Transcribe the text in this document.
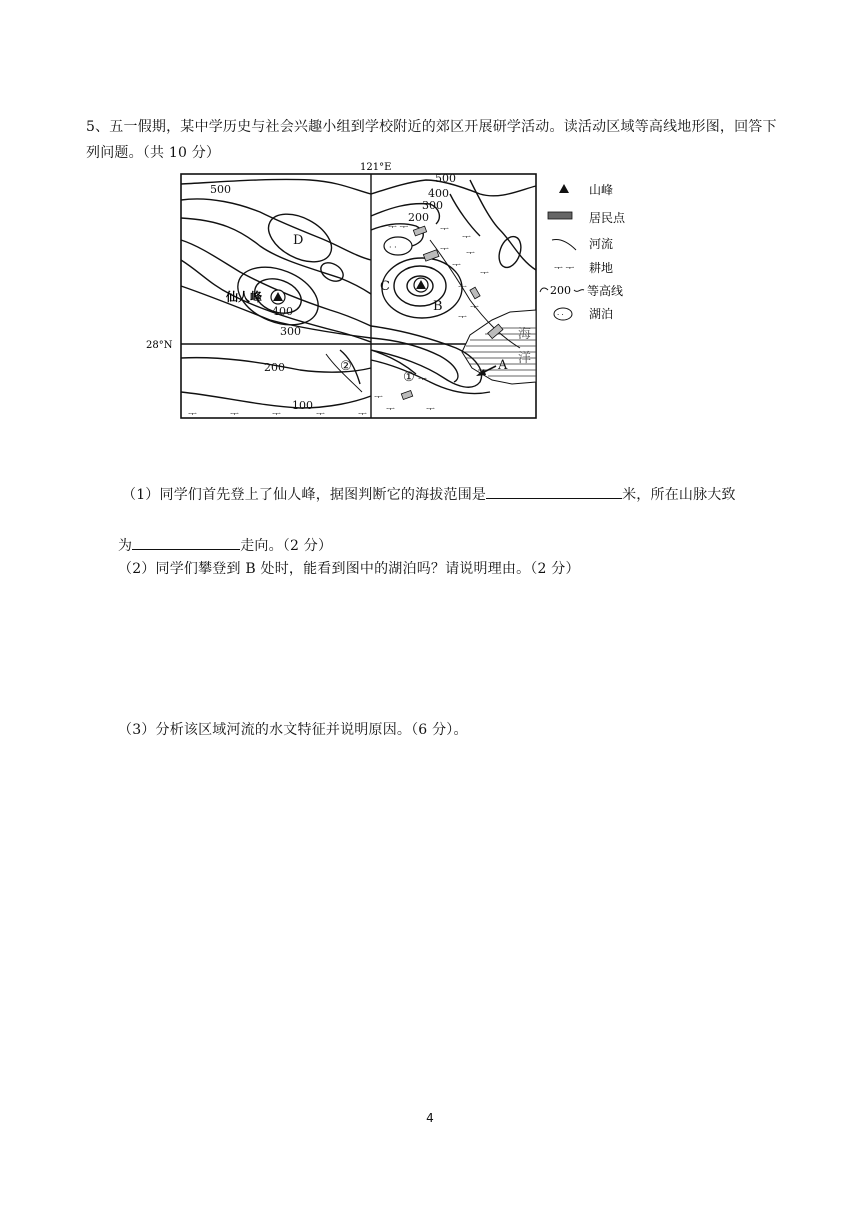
5、五一假期，某中学历史与社会兴趣小组到学校附近的郊区开展研学活动。读活动区域等高线地形图，回答下列问题。（共 10 分）
121°E
28°N
· ·
ᅮ ᅮ	ᅮ
ᅮ
ᅮ ᅮ
ᅮ
ᅮ
ᅮ
ᅮ
ᅮ
ᅮ
ᅮ
ᅮ	ᅮ
ᅮ	ᅮ	ᅮ	ᅮ	ᅮ
500
400
300
200
100
500
400
300
200
D
C
B
A
①
②
海
洋
仙人峰
山峰
居民点
河流
ᅮ ᅮ 耕地
200 等高线
· · 湖泊
（1）同学们首先登上了仙人峰，据图判断它的海拔范围是	米，所在山脉大致
为	走向。（2 分）
（2）同学们攀登到 B 处时，能看到图中的湖泊吗？请说明理由。（2 分）
（3）分析该区域河流的水文特征并说明原因。（6 分）。
4
